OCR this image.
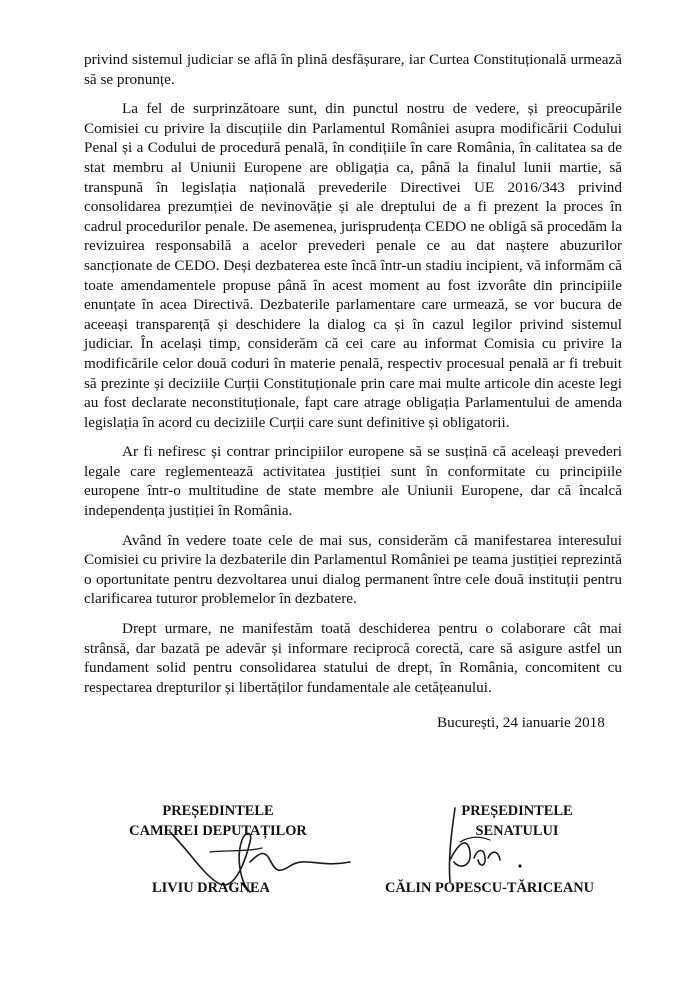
privind sistemul judiciar se află în plină desfășurare, iar Curtea Constituțională urmează să se pronunțe.

La fel de surprinzătoare sunt, din punctul nostru de vedere, și preocupările Comisiei cu privire la discuțiile din Parlamentul României asupra modificării Codului Penal și a Codului de procedură penală, în condițiile în care România, în calitatea sa de stat membru al Uniunii Europene are obligația ca, până la finalul lunii martie, să transpună în legislația națională prevederile Directivei UE 2016/343 privind consolidarea prezumției de nevinovăție și ale dreptului de a fi prezent la proces în cadrul procedurilor penale. De asemenea, jurisprudența CEDO ne obligă să procedăm la revizuirea responsabilă a acelor prevederi penale ce au dat naștere abuzurilor sancționate de CEDO. Deși dezbaterea este încă într-un stadiu incipient, vă informăm că toate amendamentele propuse până în acest moment au fost izvorâte din principiile enunțate în acea Directivă. Dezbaterile parlamentare care urmează, se vor bucura de aceeași transparență și deschidere la dialog ca și în cazul legilor privind sistemul judiciar. În același timp, considerăm că cei care au informat Comisia cu privire la modificările celor două coduri în materie penală, respectiv procesual penală ar fi trebuit să prezinte și deciziile Curții Constituționale prin care mai multe articole din aceste legi au fost declarate neconstituționale, fapt care atrage obligația Parlamentului de amenda legislația în acord cu deciziile Curții care sunt definitive și obligatorii.

Ar fi nefiresc și contrar principiilor europene să se susțină că aceleași prevederi legale care reglementează activitatea justiției sunt în conformitate cu principiile europene într-o multitudine de state membre ale Uniunii Europene, dar că încalcă independența justiției în România.

Având în vedere toate cele de mai sus, considerăm că manifestarea interesului Comisiei cu privire la dezbaterile din Parlamentul României pe teama justiției reprezintă o oportunitate pentru dezvoltarea unui dialog permanent între cele două instituții pentru clarificarea tuturor problemelor în dezbatere.

Drept urmare, ne manifestăm toată deschiderea pentru o colaborare cât mai strânsă, dar bazată pe adevăr și informare reciprocă corectă, care să asigure astfel un fundament solid pentru consolidarea statului de drept, în România, concomitent cu respectarea drepturilor și libertăților fundamentale ale cetățeanului.

București, 24 ianuarie 2018
PREȘEDINTELE
CAMEREI DEPUTAȚILOR
LIVIU DRAGNEA
PREȘEDINTELE
SENATULUI
CĂLIN POPESCU-TĂRICEANU
